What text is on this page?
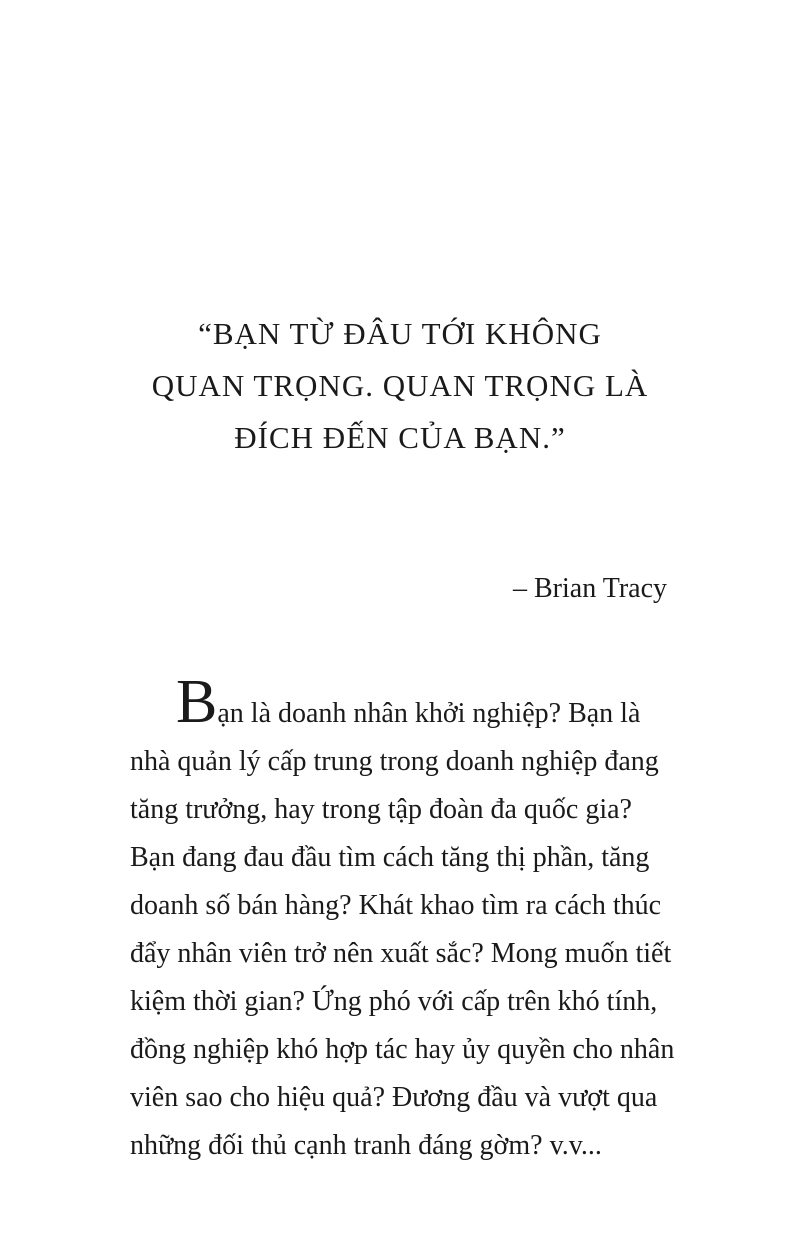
“BẠN TỪ ĐÂU TỚI KHÔNG
QUAN TRỌNG. QUAN TRỌNG LÀ
ĐÍCH ĐẾN CỦA BẠN.”
– Brian Tracy
Bạn là doanh nhân khởi nghiệp? Bạn là
nhà quản lý cấp trung trong doanh nghiệp đang
tăng trưởng, hay trong tập đoàn đa quốc gia?
Bạn đang đau đầu tìm cách tăng thị phần, tăng
doanh số bán hàng? Khát khao tìm ra cách thúc
đẩy nhân viên trở nên xuất sắc? Mong muốn tiết
kiệm thời gian? Ứng phó với cấp trên khó tính,
đồng nghiệp khó hợp tác hay ủy quyền cho nhân
viên sao cho hiệu quả? Đương đầu và vượt qua
những đối thủ cạnh tranh đáng gờm? v.v...
